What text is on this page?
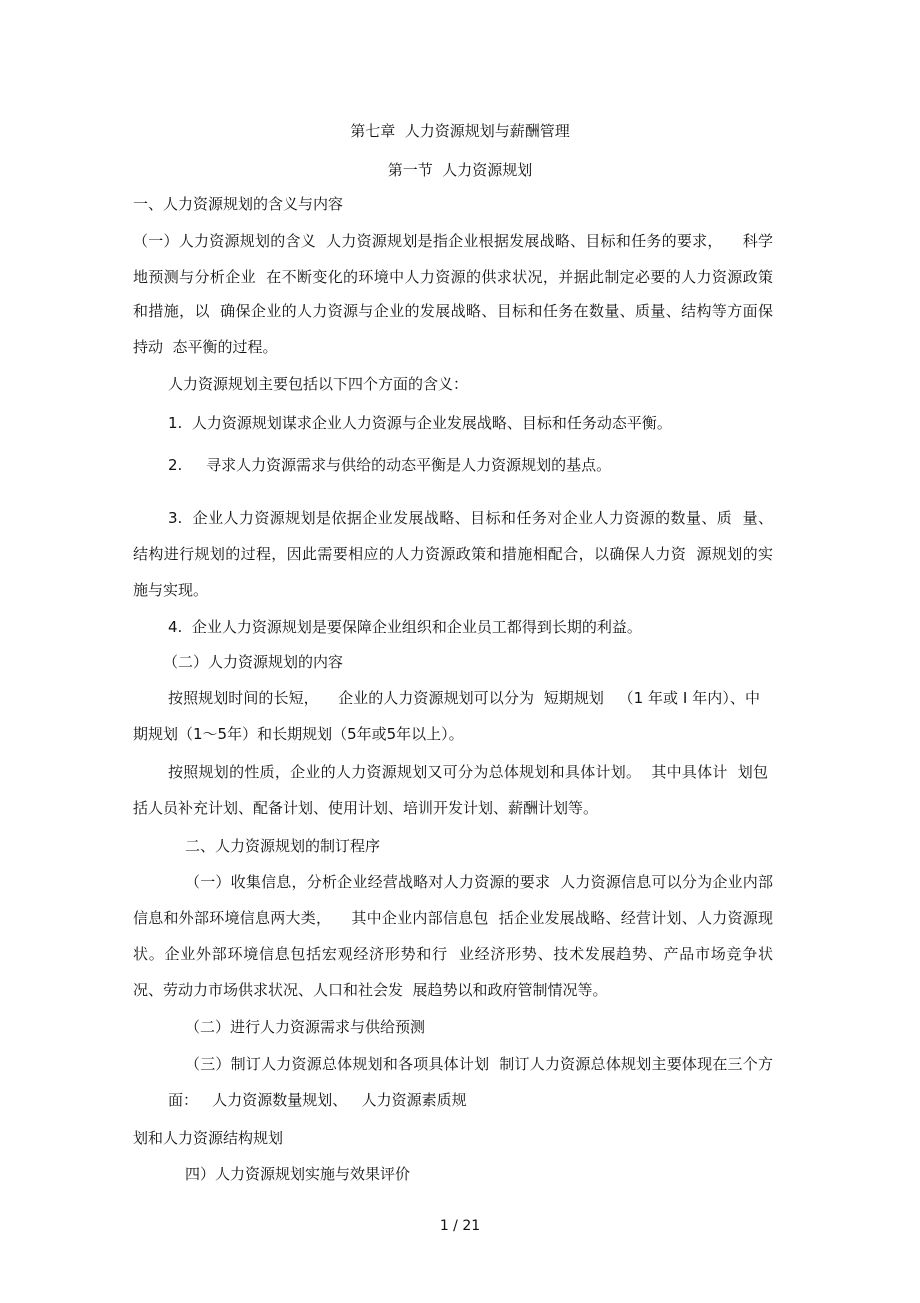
第七章  人力资源规划与薪酬管理
第一节  人力资源规划
一、人力资源规划的含义与内容
（一）人力资源规划的含义  人力资源规划是指企业根据发展战略、目标和任务的要求，    科学
地预测与分析企业  在不断变化的环境中人力资源的供求状况，并据此制定必要的人力资源政策
和措施，以  确保企业的人力资源与企业的发展战略、目标和任务在数量、质量、结构等方面保
持动  态平衡的过程。
人力资源规划主要包括以下四个方面的含义：
1.  人力资源规划谋求企业人力资源与企业发展战略、目标和任务动态平衡。
2.     寻求人力资源需求与供给的动态平衡是人力资源规划的基点。
3.  企业人力资源规划是依据企业发展战略、目标和任务对企业人力资源的数量、质  量、
结构进行规划的过程，因此需要相应的人力资源政策和措施相配合，以确保人力资  源规划的实
施与实现。
4.  企业人力资源规划是要保障企业组织和企业员工都得到长期的利益。
（二）人力资源规划的内容
按照规划时间的长短，    企业的人力资源规划可以分为  短期规划   （1 年或 I 年内）、中
期规划（1～5年）和长期规划（5年或5年以上）。
按照规划的性质，企业的人力资源规划又可分为总体规划和具体计划。  其中具体计  划包
括人员补充计划、配备计划、使用计划、培训开发计划、薪酬计划等。
二、人力资源规划的制订程序
（一）收集信息，分析企业经营战略对人力资源的要求  人力资源信息可以分为企业内部
信息和外部环境信息两大类，    其中企业内部信息包  括企业发展战略、经营计划、人力资源现
状。企业外部环境信息包括宏观经济形势和行  业经济形势、技术发展趋势、产品市场竞争状
况、劳动力市场供求状况、人口和社会发  展趋势以和政府管制情况等。
（二）进行人力资源需求与供给预测
（三）制订人力资源总体规划和各项具体计划  制订人力资源总体规划主要体现在三个方
面：   人力资源数量规划、   人力资源素质规
划和人力资源结构规划
四）人力资源规划实施与效果评价
1 / 21
